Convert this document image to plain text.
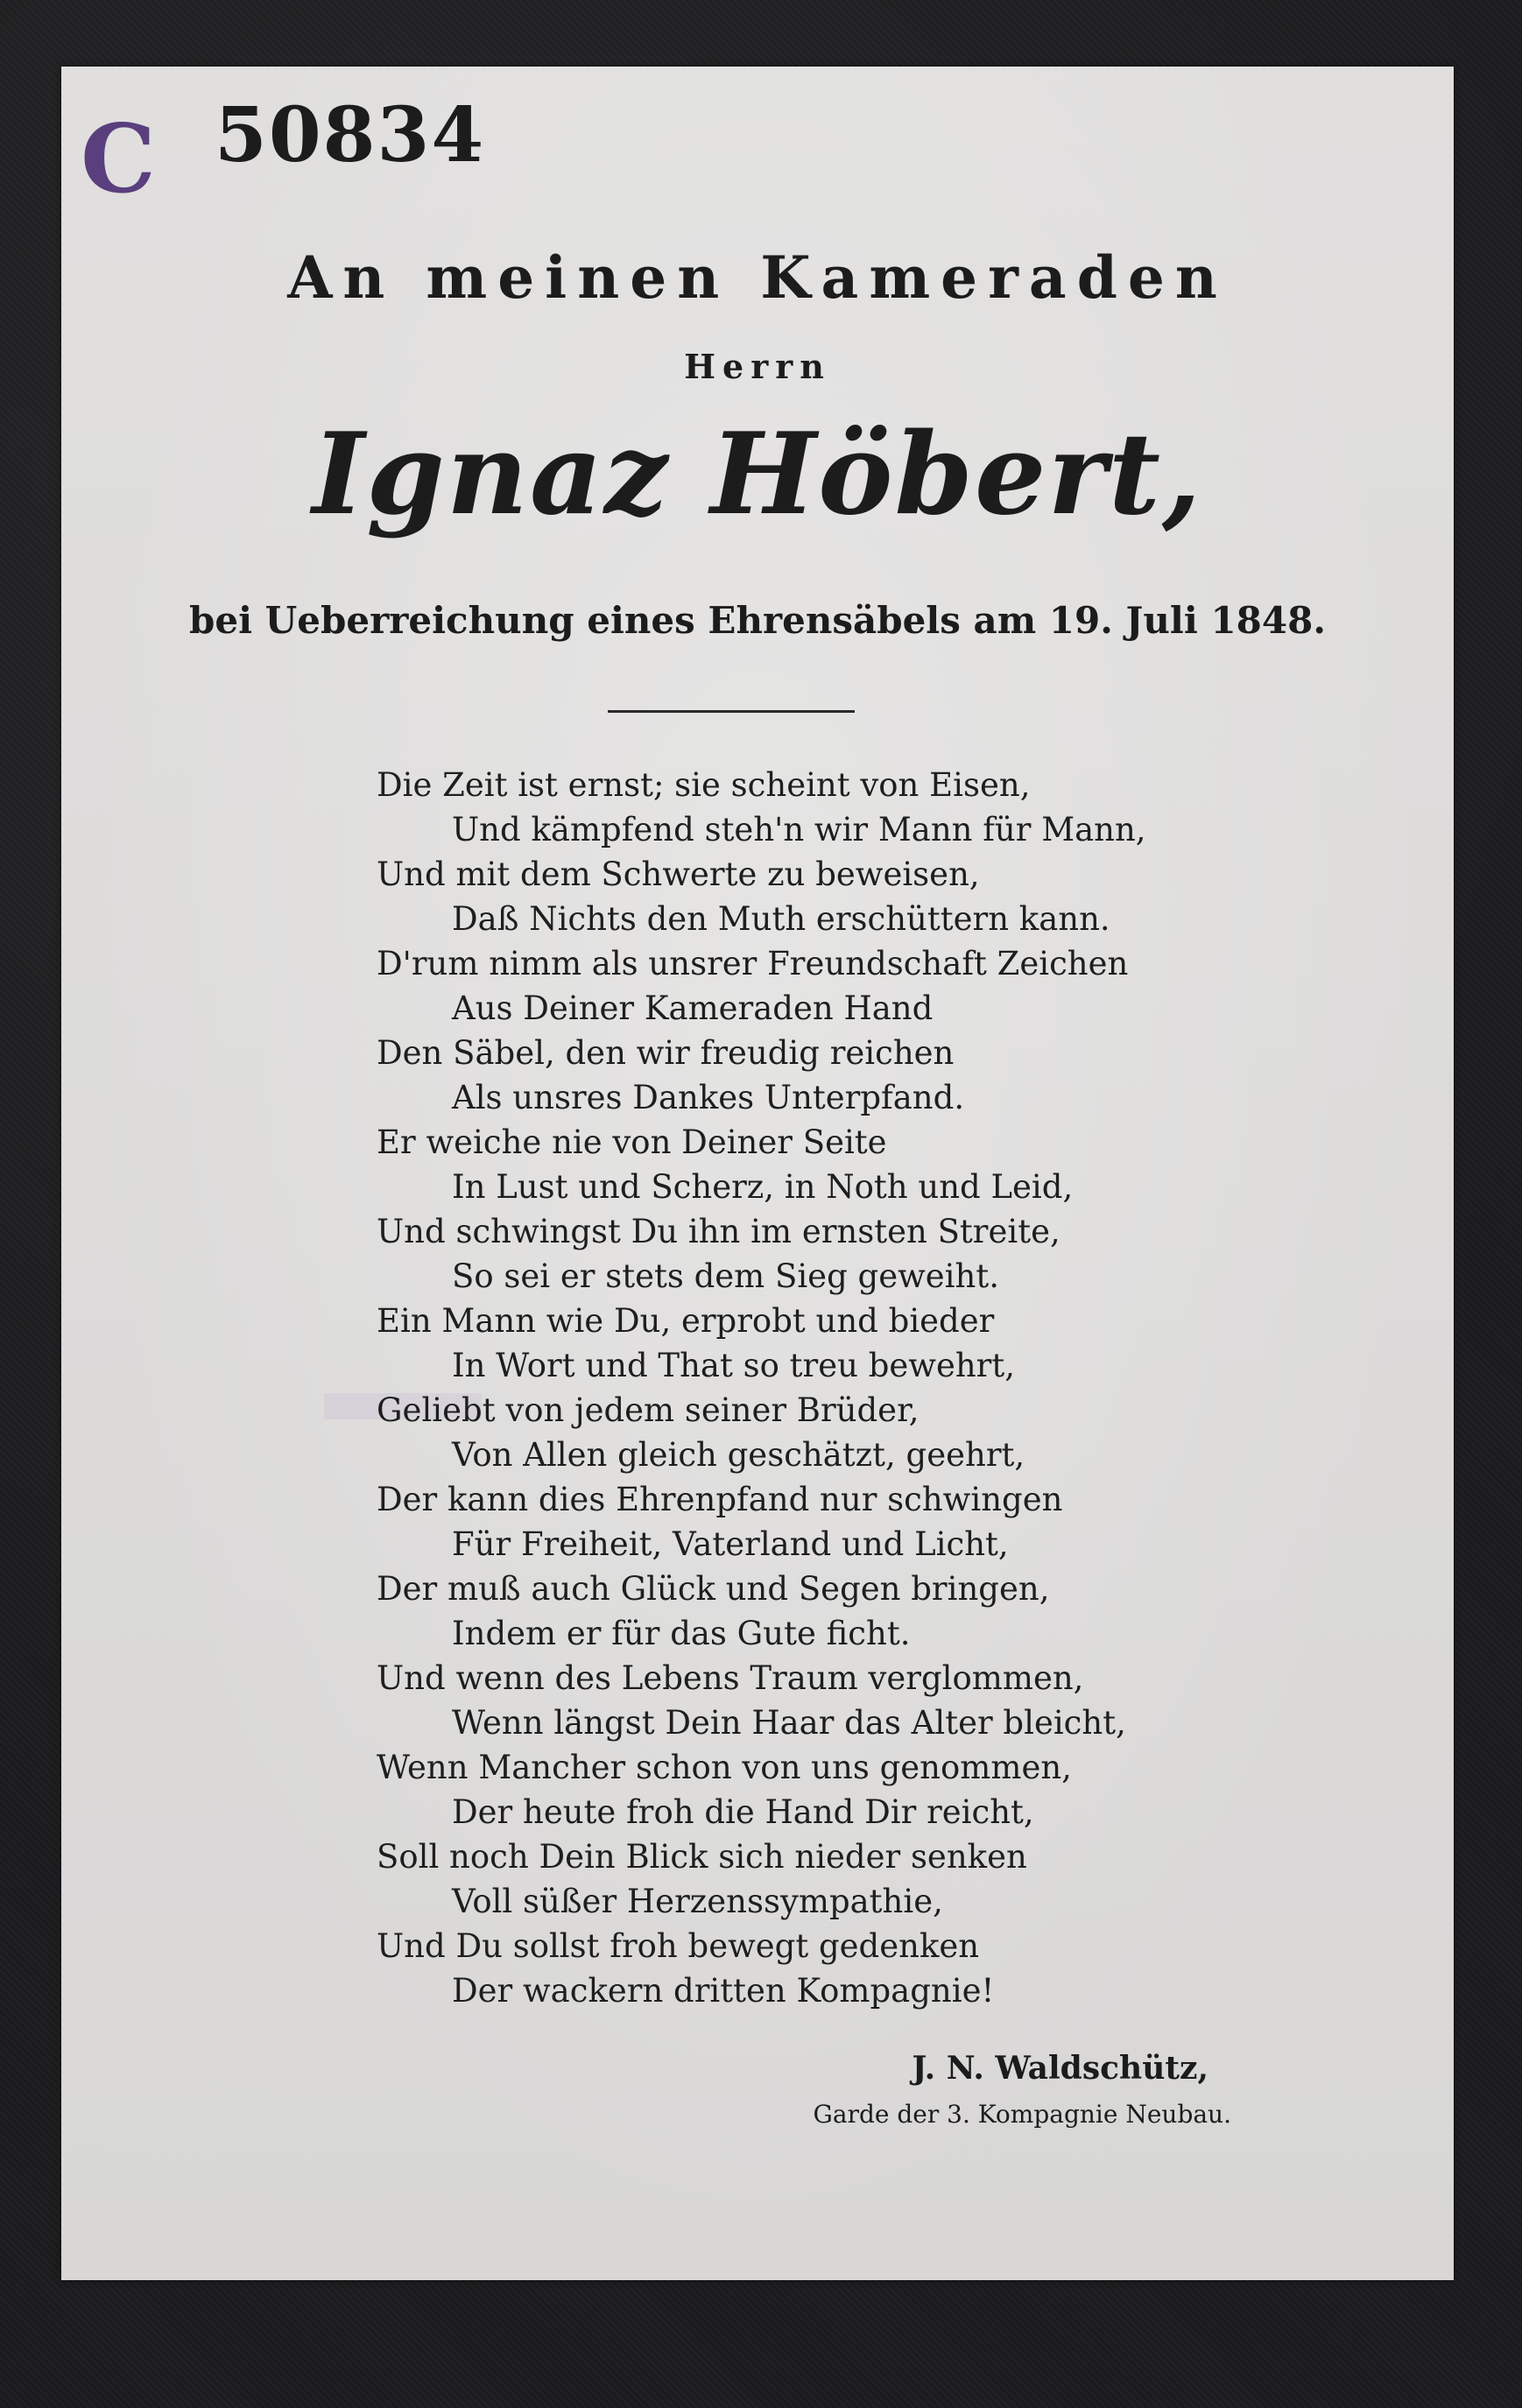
C 50834
An meinen Kameraden
Herrn
Ignaz Höbert,
bei Ueberreichung eines Ehrensäbels am 19. Juli 1848.
Die Zeit ist ernst; sie scheint von Eisen,
Und kämpfend steh'n wir Mann für Mann,
Und mit dem Schwerte zu beweisen,
Daß Nichts den Muth erschüttern kann.
D'rum nimm als unsrer Freundschaft Zeichen
Aus Deiner Kameraden Hand
Den Säbel, den wir freudig reichen
Als unsres Dankes Unterpfand.
Er weiche nie von Deiner Seite
In Lust und Scherz, in Noth und Leid,
Und schwingst Du ihn im ernsten Streite,
So sei er stets dem Sieg geweiht.
Ein Mann wie Du, erprobt und bieder
In Wort und That so treu bewehrt,
Geliebt von jedem seiner Brüder,
Von Allen gleich geschätzt, geehrt,
Der kann dies Ehrenpfand nur schwingen
Für Freiheit, Vaterland und Licht,
Der muß auch Glück und Segen bringen,
Indem er für das Gute ficht.
Und wenn des Lebens Traum verglommen,
Wenn längst Dein Haar das Alter bleicht,
Wenn Mancher schon von uns genommen,
Der heute froh die Hand Dir reicht,
Soll noch Dein Blick sich nieder senken
Voll süßer Herzenssympathie,
Und Du sollst froh bewegt gedenken
Der wackern dritten Kompagnie!
J. N. Waldschütz,
Garde der 3. Kompagnie Neubau.
